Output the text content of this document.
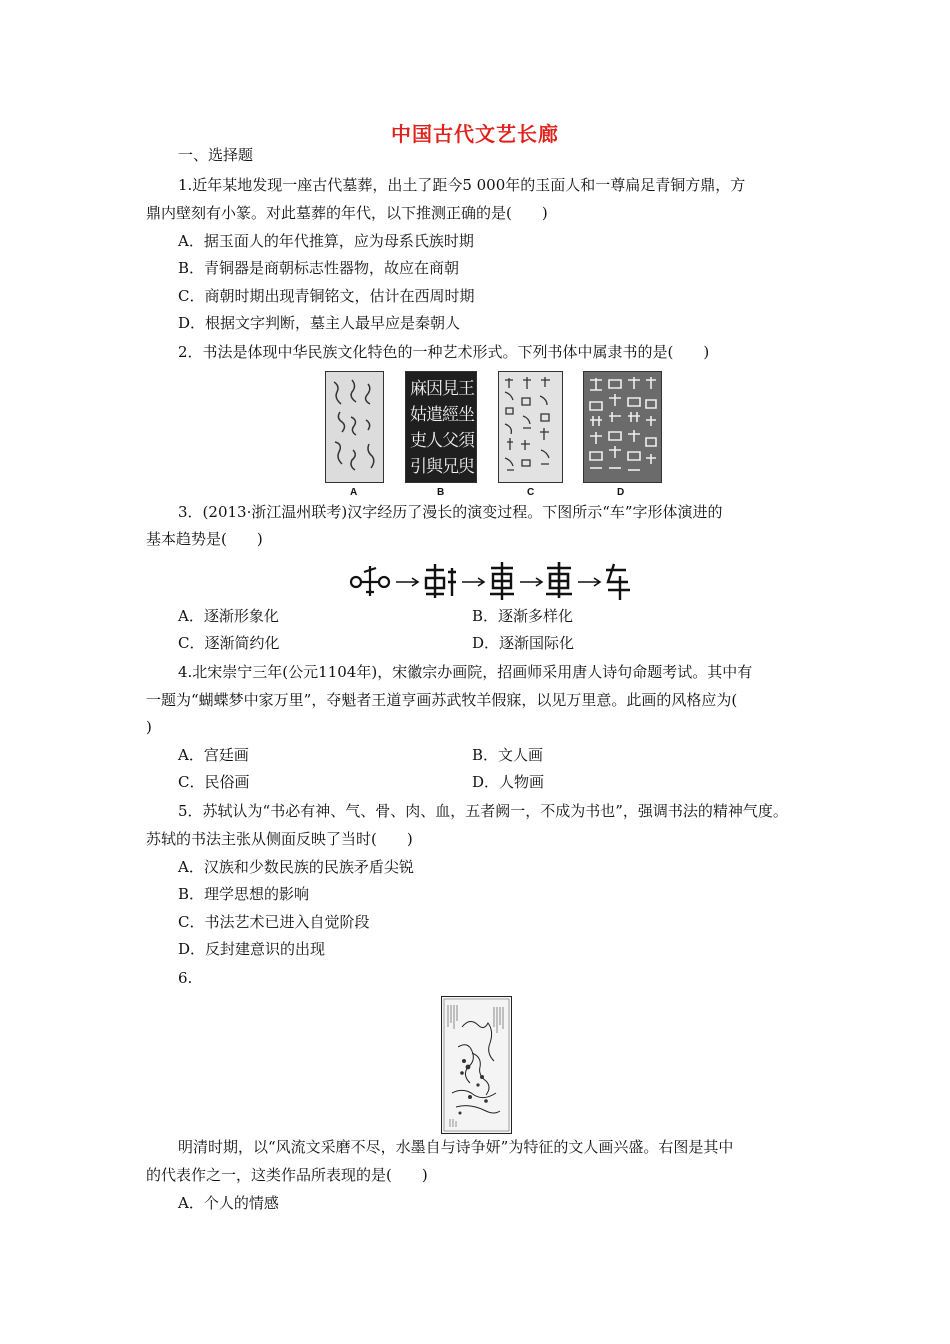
中国古代文艺长廊
一、选择题
1.近年某地发现一座古代墓葬，出土了距今5 000年的玉面人和一尊扁足青铜方鼎，方
鼎内壁刻有小篆。对此墓葬的年代，以下推测正确的是(　　)
A．据玉面人的年代推算，应为母系氏族时期
B．青铜器是商朝标志性器物，故应在商朝
C．商朝时期出现青铜铭文，估计在西周时期
D．根据文字判断，墓主人最早应是秦朝人
2．书法是体现中华民族文化特色的一种艺术形式。下列书体中属隶书的是(　　)
王
坐
須
臾
見
經
父
兄
因
遣
人
與
麻
姑
吏
引
A	B	C	D
3．(2013·浙江温州联考)汉字经历了漫长的演变过程。下图所示“车”字形体演进的
基本趋势是(　　)
A．逐渐形象化	B．逐渐多样化
C．逐渐简约化	D．逐渐国际化
4.北宋崇宁三年(公元1104年)，宋徽宗办画院，招画师采用唐人诗句命题考试。其中有
一题为“蝴蝶梦中家万里”，夺魁者王道亨画苏武牧羊假寐，以见万里意。此画的风格应为(
)
A．宫廷画	B．文人画
C．民俗画	D．人物画
5．苏轼认为“书必有神、气、骨、肉、血，五者阙一，不成为书也”，强调书法的精神气度。
苏轼的书法主张从侧面反映了当时(　　)
A．汉族和少数民族的民族矛盾尖锐
B．理学思想的影响
C．书法艺术已进入自觉阶段
D．反封建意识的出现
6.
明清时期，以“风流文采磨不尽，水墨自与诗争妍”为特征的文人画兴盛。右图是其中
的代表作之一，这类作品所表现的是(　　)
A．个人的情感
